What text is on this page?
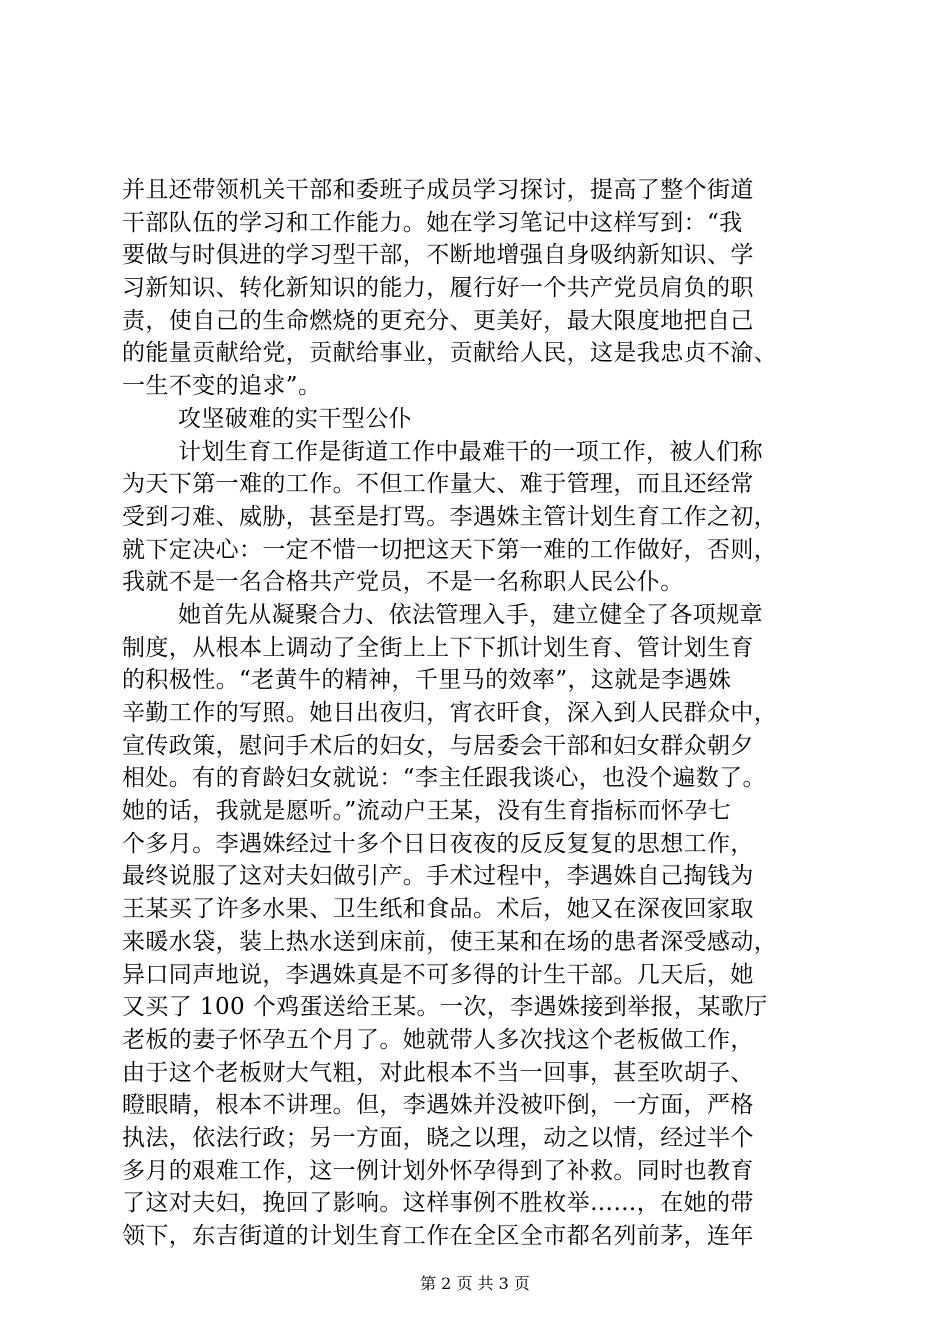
并且还带领机关干部和委班子成员学习探讨，提高了整个街道
干部队伍的学习和工作能力。她在学习笔记中这样写到：“我
要做与时俱进的学习型干部，不断地增强自身吸纳新知识、学
习新知识、转化新知识的能力，履行好一个共产党员肩负的职
责，使自己的生命燃烧的更充分、更美好，最大限度地把自己
的能量贡献给党，贡献给事业，贡献给人民，这是我忠贞不渝、
一生不变的追求”。
攻坚破难的实干型公仆
计划生育工作是街道工作中最难干的一项工作，被人们称
为天下第一难的工作。不但工作量大、难于管理，而且还经常
受到刁难、威胁，甚至是打骂。李遇姝主管计划生育工作之初，
就下定决心：一定不惜一切把这天下第一难的工作做好，否则，
我就不是一名合格共产党员，不是一名称职人民公仆。
她首先从凝聚合力、依法管理入手，建立健全了各项规章
制度，从根本上调动了全街上上下下抓计划生育、管计划生育
的积极性。“老黄牛的精神，千里马的效率”，这就是李遇姝
辛勤工作的写照。她日出夜归，宵衣旰食，深入到人民群众中，
宣传政策，慰问手术后的妇女，与居委会干部和妇女群众朝夕
相处。有的育龄妇女就说：“李主任跟我谈心，也没个遍数了。
她的话，我就是愿听。”流动户王某，没有生育指标而怀孕七
个多月。李遇姝经过十多个日日夜夜的反反复复的思想工作，
最终说服了这对夫妇做引产。手术过程中，李遇姝自己掏钱为
王某买了许多水果、卫生纸和食品。术后，她又在深夜回家取
来暖水袋，装上热水送到床前，使王某和在场的患者深受感动，
异口同声地说，李遇姝真是不可多得的计生干部。几天后，她
又买了 100 个鸡蛋送给王某。一次，李遇姝接到举报，某歌厅
老板的妻子怀孕五个月了。她就带人多次找这个老板做工作，
由于这个老板财大气粗，对此根本不当一回事，甚至吹胡子、
瞪眼睛，根本不讲理。但，李遇姝并没被吓倒，一方面，严格
执法，依法行政；另一方面，晓之以理，动之以情，经过半个
多月的艰难工作，这一例计划外怀孕得到了补救。同时也教育
了这对夫妇，挽回了影响。这样事例不胜枚举……，在她的带
领下，东吉街道的计划生育工作在全区全市都名列前茅，连年
第 2 页 共 3 页
